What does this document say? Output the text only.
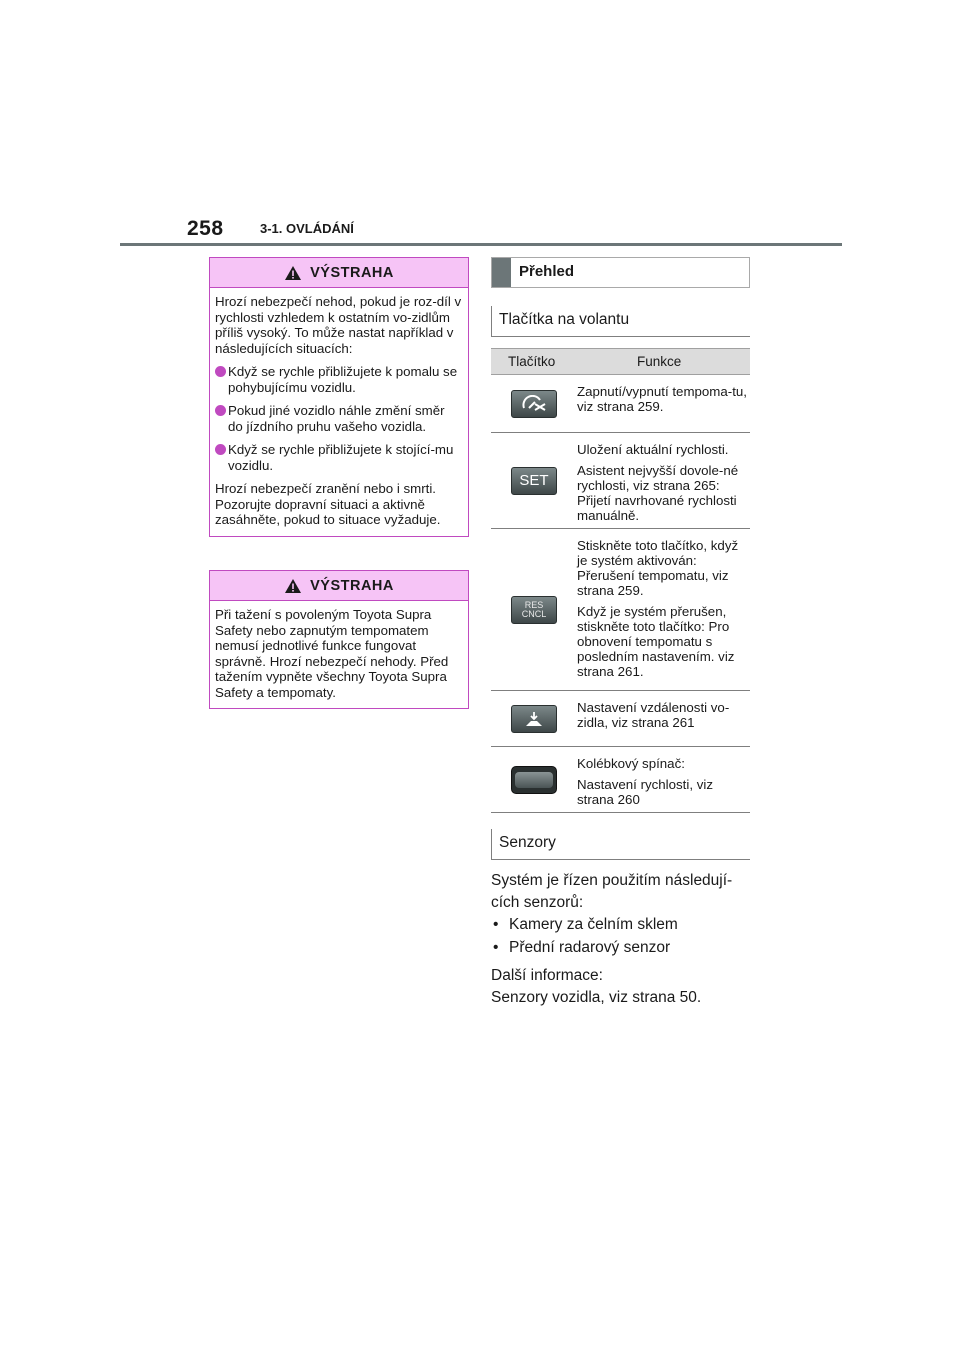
258	3-1. OVLÁDÁNÍ
VÝSTRAHA

Hrozí nebezpečí nehod, pokud je roz-díl v rychlosti vzhledem k ostatním vo-zidlům příliš vysoký. To může nastat například v následujících situacích:

Když se rychle přibližujete k pomalu se pohybujícímu vozidlu.
Pokud jiné vozidlo náhle změní směr do jízdního pruhu vašeho vozidla.
Když se rychle přibližujete k stojící-mu vozidlu.

Hrozí nebezpečí zranění nebo i smrti. Pozorujte dopravní situaci a aktivně zasáhněte, pokud to situace vyžaduje.

VÝSTRAHA

Při tažení s povoleným Toyota Supra Safety nebo zapnutým tempomatem nemusí jednotlivé funkce fungovat správně. Hrozí nebezpečí nehody. Před tažením vypněte všechny Toyota Supra Safety a tempomaty.

Přehled
Tlačítka na volantu
Tlačítko	Funkce

Zapnutí/vypnutí tempoma-tu, viz strana 259.

SET

Uložení aktuální rychlosti.

Asistent nejvyšší dovole-né rychlosti, viz strana 265: Přijetí navrhované rychlosti manuálně.

RES
CNCL

Stiskněte toto tlačítko, když je systém aktivován: Přerušení tempomatu, viz strana 259.

Když je systém přerušen, stiskněte toto tlačítko: Pro obnovení tempomatu s posledním nastavením. viz strana 261.

Nastavení vzdálenosti vo-zidla, viz strana 261

Kolébkový spínač:

Nastavení rychlosti, viz strana 260

Senzory

Systém je řízen použitím následují-

cích senzorů:

• Kamery za čelním sklem
• Přední radarový senzor

Další informace:

Senzory vozidla, viz strana 50.
